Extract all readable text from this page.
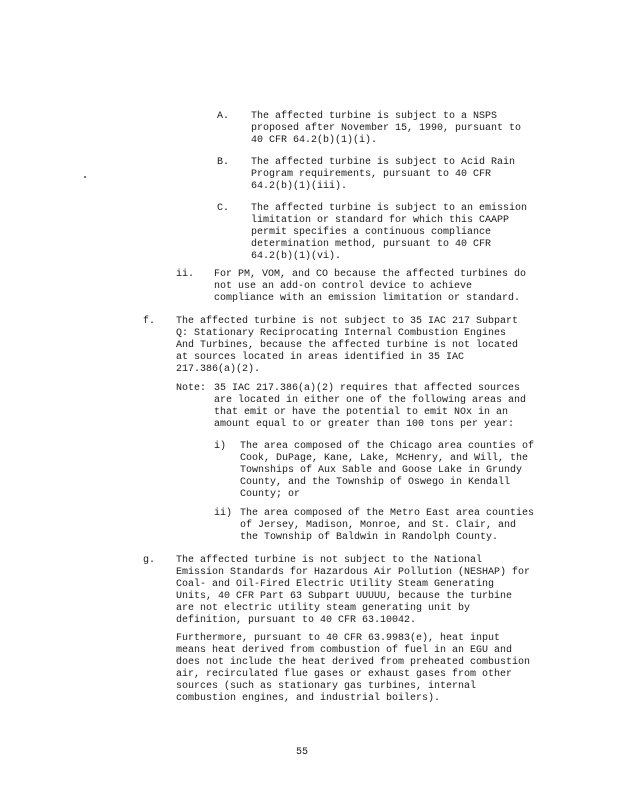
A. The affected turbine is subject to a NSPS
proposed after November 15, 1990, pursuant to
40 CFR 64.2(b)(1)(i).
B. The affected turbine is subject to Acid Rain
Program requirements, pursuant to 40 CFR
64.2(b)(1)(iii).
C. The affected turbine is subject to an emission
limitation or standard for which this CAAPP
permit specifies a continuous compliance
determination method, pursuant to 40 CFR
64.2(b)(1)(vi).
ii. For PM, VOM, and CO because the affected turbines do
not use an add-on control device to achieve
compliance with an emission limitation or standard.
f. The affected turbine is not subject to 35 IAC 217 Subpart
Q: Stationary Reciprocating Internal Combustion Engines
And Turbines, because the affected turbine is not located
at sources located in areas identified in 35 IAC
217.386(a)(2).
Note: 35 IAC 217.386(a)(2) requires that affected sources
are located in either one of the following areas and
that emit or have the potential to emit NOx in an
amount equal to or greater than 100 tons per year:
i) The area composed of the Chicago area counties of
Cook, DuPage, Kane, Lake, McHenry, and Will, the
Townships of Aux Sable and Goose Lake in Grundy
County, and the Township of Oswego in Kendall
County; or
ii) The area composed of the Metro East area counties
of Jersey, Madison, Monroe, and St. Clair, and
the Township of Baldwin in Randolph County.
g. The affected turbine is not subject to the National
Emission Standards for Hazardous Air Pollution (NESHAP) for
Coal- and Oil-Fired Electric Utility Steam Generating
Units, 40 CFR Part 63 Subpart UUUUU, because the turbine
are not electric utility steam generating unit by
definition, pursuant to 40 CFR 63.10042.
Furthermore, pursuant to 40 CFR 63.9983(e), heat input
means heat derived from combustion of fuel in an EGU and
does not include the heat derived from preheated combustion
air, recirculated flue gases or exhaust gases from other
sources (such as stationary gas turbines, internal
combustion engines, and industrial boilers).
55
